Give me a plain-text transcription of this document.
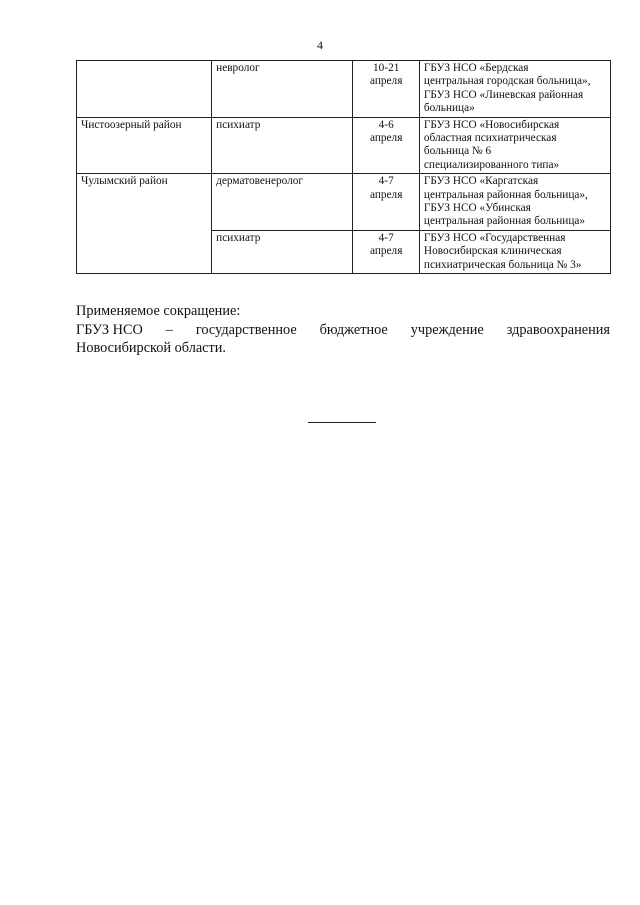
4
	невролог	10-21
апреля	ГБУЗ НСО «Бердская
центральная городская больница»,
ГБУЗ НСО «Линевская районная
больница»

Чистоозерный район	психиатр	4-6
апреля	ГБУЗ НСО «Новосибирская
областная психиатрическая
больница № 6
специализированного типа»

Чулымский район	дерматовенеролог	4-7
апреля	ГБУЗ НСО «Каргатская
центральная районная больница»,
ГБУЗ НСО «Убинская
центральная районная больница»

	психиатр	4-7
апреля	ГБУЗ НСО «Государственная
Новосибирская клиническая
психиатрическая больница № 3»
Применяемое сокращение:
ГБУЗ НСО – государственное бюджетное учреждение здравоохранения
Новосибирской области.
